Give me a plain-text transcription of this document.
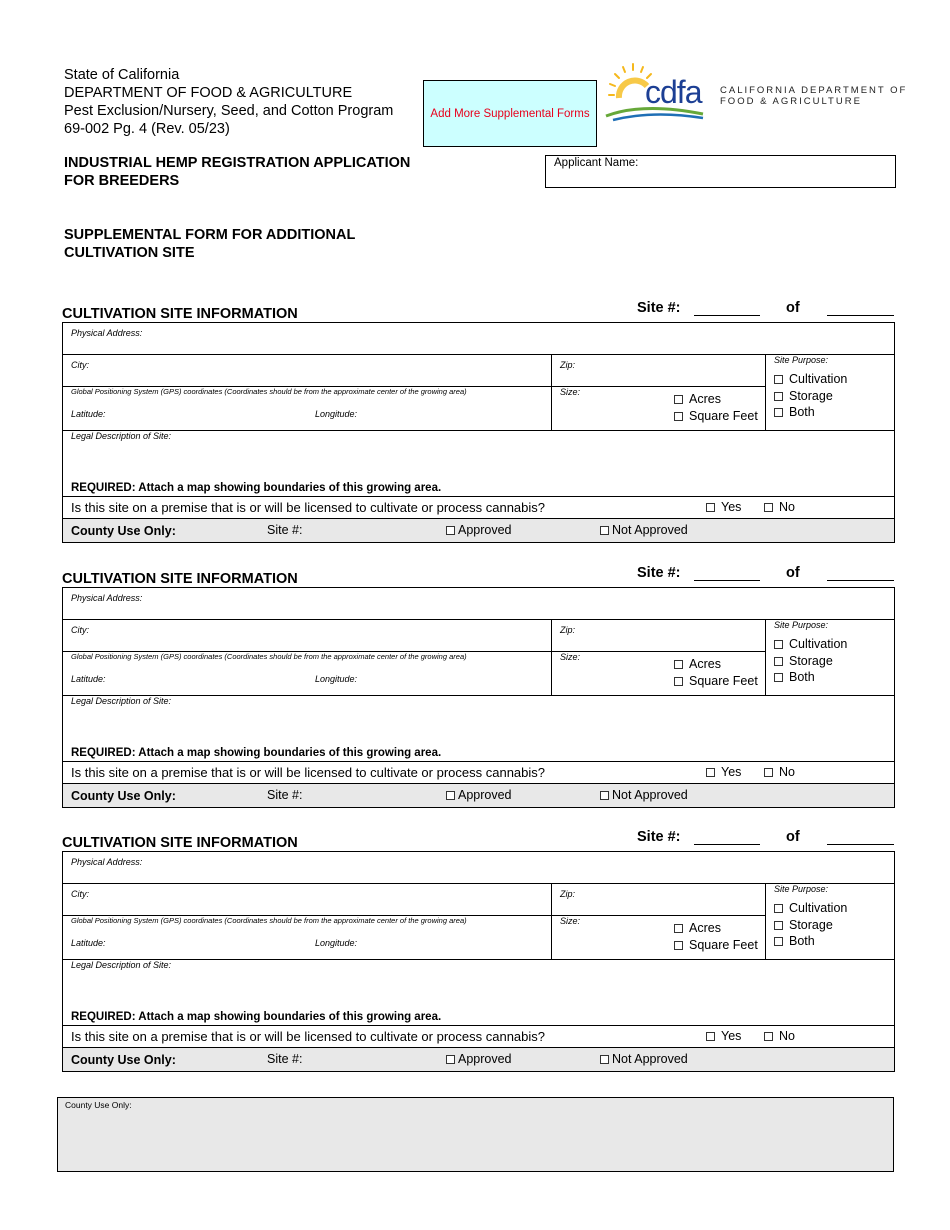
State of California
DEPARTMENT OF FOOD & AGRICULTURE
Pest Exclusion/Nursery, Seed, and Cotton Program
69-002 Pg. 4 (Rev. 05/23)
Add More Supplemental Forms
cdfa CALIFORNIA DEPARTMENT OF
FOOD & AGRICULTURE
INDUSTRIAL HEMP REGISTRATION APPLICATION
FOR BREEDERS
Applicant Name:
SUPPLEMENTAL FORM FOR ADDITIONAL
CULTIVATION SITE
CULTIVATION SITE INFORMATION	Site #:	of
Physical Address:
City:	Zip:	Site Purpose:
Cultivation
Storage
Both
Global Positioning System (GPS) coordinates (Coordinates should be from the approximate center of the growing area)
Latitude:	Longitude:
Size:	Acres
Square Feet
Legal Description of Site:
REQUIRED: Attach a map showing boundaries of this growing area.
Is this site on a premise that is or will be licensed to cultivate or process cannabis?	Yes	No
County Use Only:	Site #:	Approved	Not Approved
CULTIVATION SITE INFORMATION	Site #:	of
Physical Address:
City:	Zip:	Site Purpose:
Cultivation
Storage
Both
Global Positioning System (GPS) coordinates (Coordinates should be from the approximate center of the growing area)
Latitude:	Longitude:
Size:	Acres
Square Feet
Legal Description of Site:
REQUIRED: Attach a map showing boundaries of this growing area.
Is this site on a premise that is or will be licensed to cultivate or process cannabis?	Yes	No
County Use Only:	Site #:	Approved	Not Approved
CULTIVATION SITE INFORMATION	Site #:	of
Physical Address:
City:	Zip:	Site Purpose:
Cultivation
Storage
Both
Global Positioning System (GPS) coordinates (Coordinates should be from the approximate center of the growing area)
Latitude:	Longitude:
Size:	Acres
Square Feet
Legal Description of Site:
REQUIRED: Attach a map showing boundaries of this growing area.
Is this site on a premise that is or will be licensed to cultivate or process cannabis?	Yes	No
County Use Only:	Site #:	Approved	Not Approved
County Use Only:
